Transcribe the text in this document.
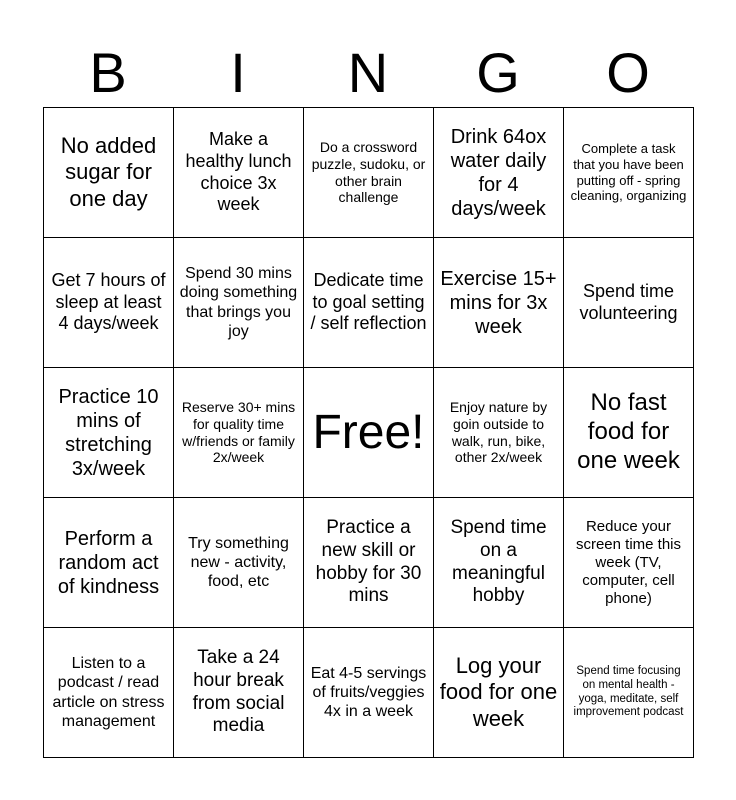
B	I	N	G	O
No added sugar for one day	Make a healthy lunch choice 3x week	Do a crossword puzzle, sudoku, or other brain challenge	Drink 64ox water daily for 4 days/week	Complete a task that you have been putting off - spring cleaning, organizing
Get 7 hours of sleep at least 4 days/week	Spend 30 mins doing something that brings you joy	Dedicate time to goal setting / self reflection	Exercise 15+ mins for 3x week	Spend time volunteering
Practice 10 mins of stretching 3x/week	Reserve 30+ mins for quality time w/friends or family 2x/week	Free!	Enjoy nature by goin outside to walk, run, bike, other 2x/week	No fast food for one week
Perform a random act of kindness	Try something new - activity, food, etc	Practice a new skill or hobby for 30 mins	Spend time on a meaningful hobby	Reduce your screen time this week (TV, computer, cell phone)
Listen to a podcast / read article on stress management	Take a 24 hour break from social media	Eat 4-5 servings of fruits/veggies 4x in a week	Log your food for one week	Spend time focusing on mental health - yoga, meditate, self improvement podcast
